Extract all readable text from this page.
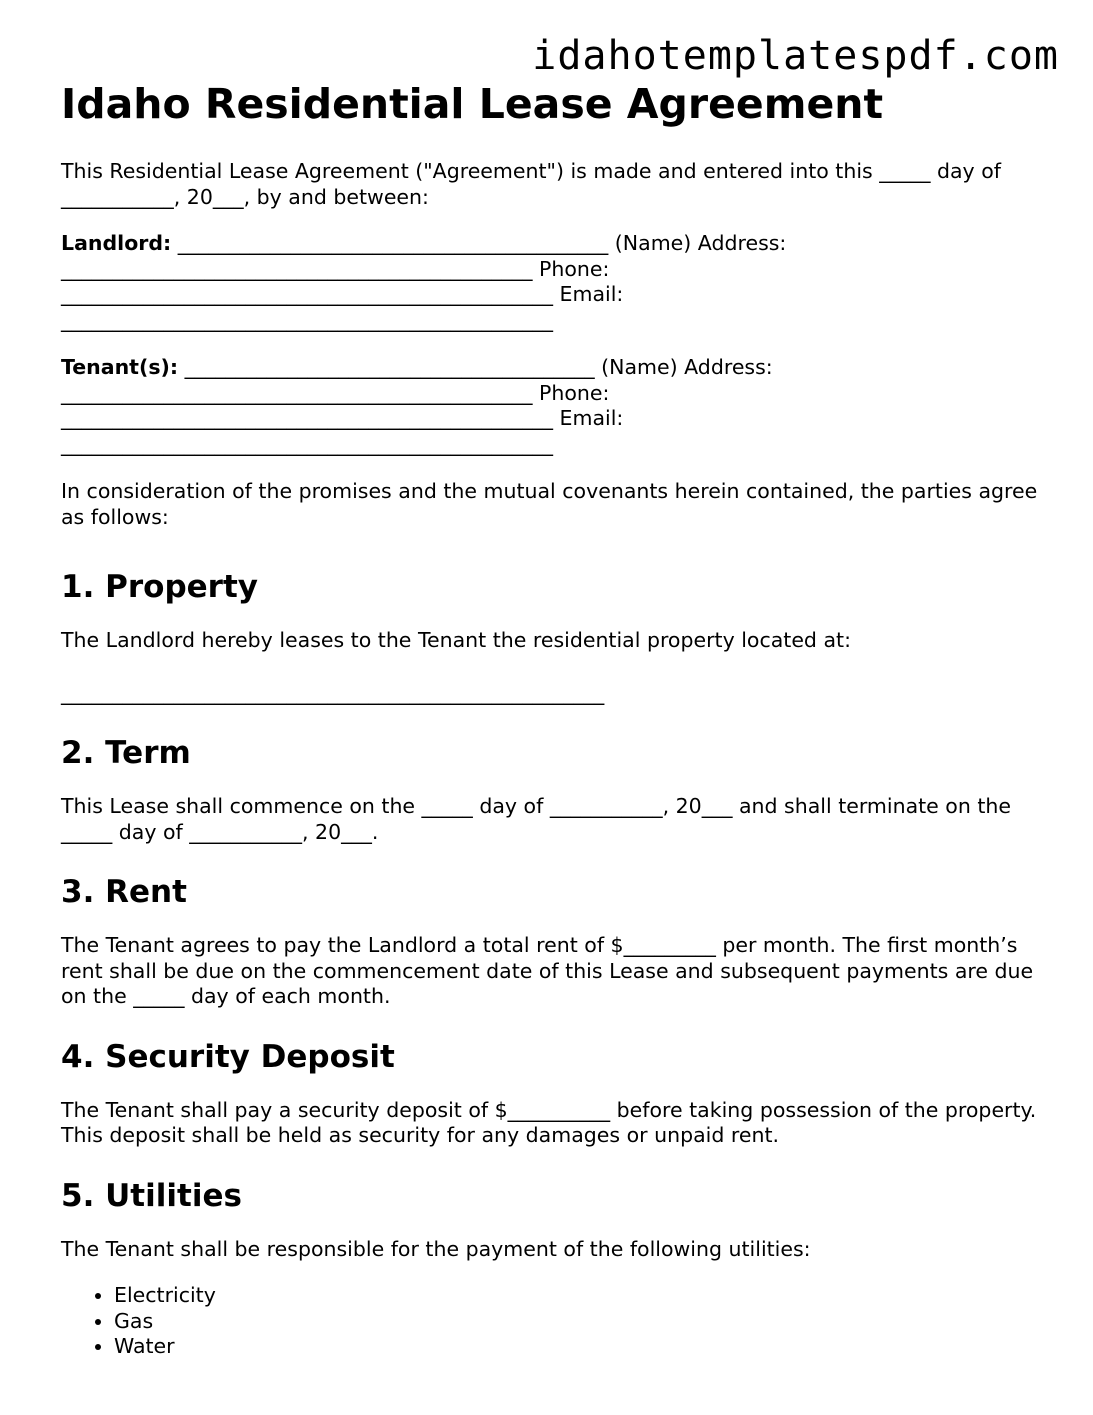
idahotemplatespdf.com
Idaho Residential Lease Agreement

This Residential Lease Agreement ("Agreement") is made and entered into this _____ day of ___________, 20___, by and between:

Landlord: __________________________________________ (Name) Address: ______________________________________________ Phone: ________________________________________________ Email: ________________________________________________

Tenant(s): ________________________________________ (Name) Address: ______________________________________________ Phone: ________________________________________________ Email: ________________________________________________

In consideration of the promises and the mutual covenants herein contained, the parties agree as follows:

1. Property

The Landlord hereby leases to the Tenant the residential property located at:

_____________________________________________________

2. Term

This Lease shall commence on the _____ day of ___________, 20___ and shall terminate on the _____ day of ___________, 20___.

3. Rent

The Tenant agrees to pay the Landlord a total rent of $_________ per month. The first month’s rent shall be due on the commencement date of this Lease and subsequent payments are due on the _____ day of each month.

4. Security Deposit

The Tenant shall pay a security deposit of $__________ before taking possession of the property. This deposit shall be held as security for any damages or unpaid rent.

5. Utilities

The Tenant shall be responsible for the payment of the following utilities:

• Electricity
• Gas
• Water
